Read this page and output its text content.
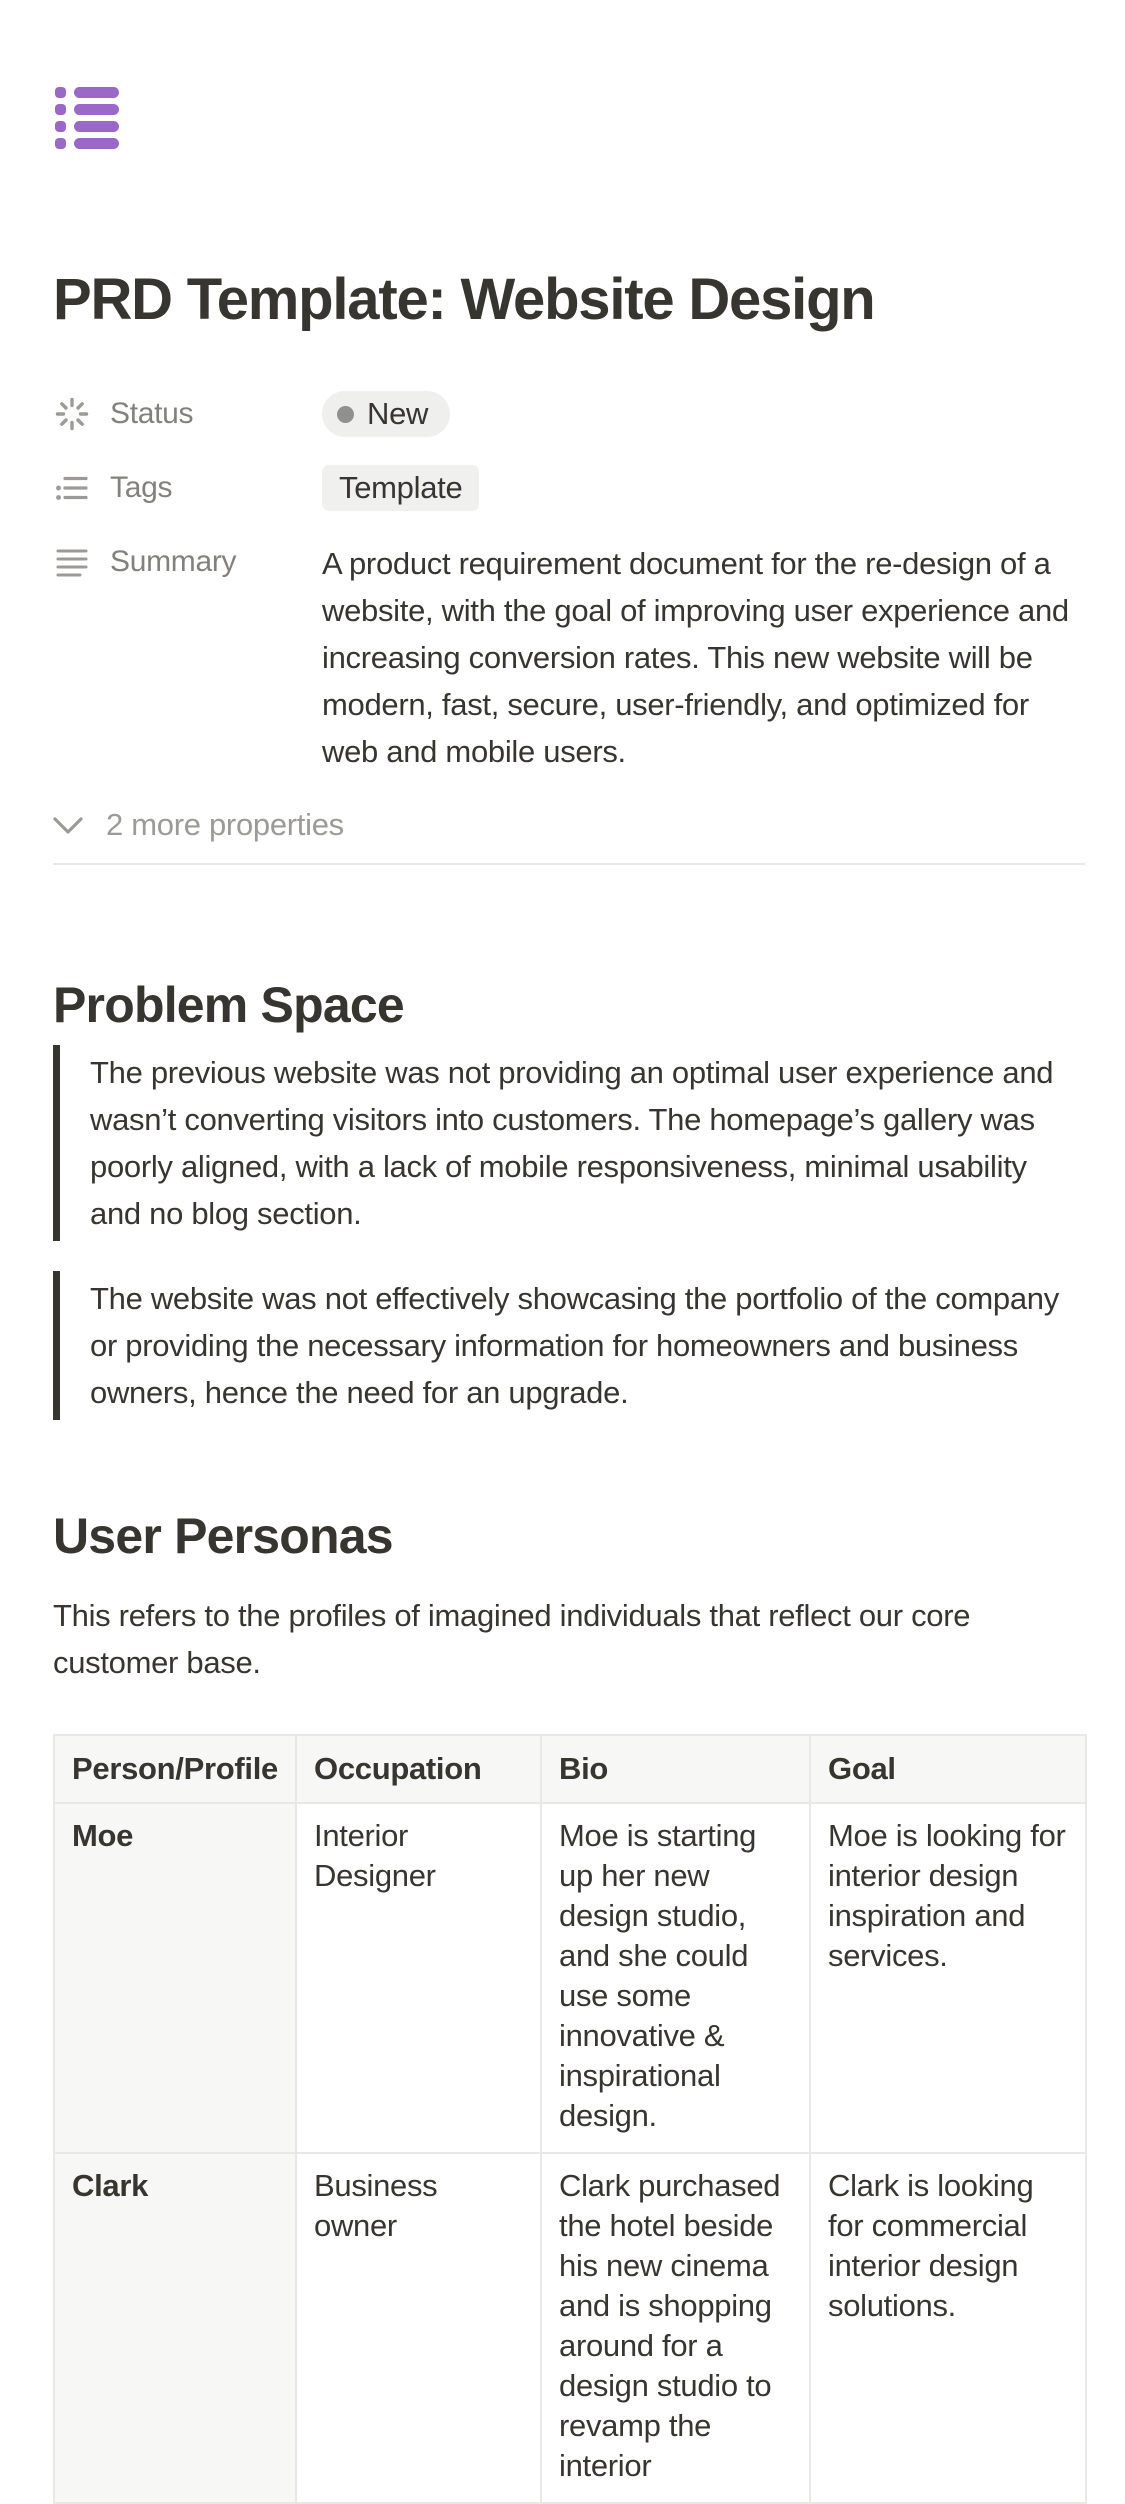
PRD Template: Website Design
Status	New
Tags	Template
Summary	A product requirement document for the re-design of a website, with the goal of improving user experience and increasing conversion rates. This new website will be modern, fast, secure, user-friendly, and optimized for web and mobile users.
2 more properties
Problem Space

The previous website was not providing an optimal user experience and wasn’t converting visitors into customers. The homepage’s gallery was poorly aligned, with a lack of mobile responsiveness, minimal usability and no blog section.

The website was not effectively showcasing the portfolio of the company or providing the necessary information for homeowners and business owners, hence the need for an upgrade.

User Personas

This refers to the profiles of imagined individuals that reflect our core customer base.

Person/Profile	Occupation	Bio	Goal
Moe	Interior Designer	Moe is starting up her new design studio, and she could use some innovative & inspirational design.	Moe is looking for interior design inspiration and services.
Clark	Business owner	Clark purchased the hotel beside his new cinema and is shopping around for a design studio to revamp the interior	Clark is looking for commercial interior design solutions.
